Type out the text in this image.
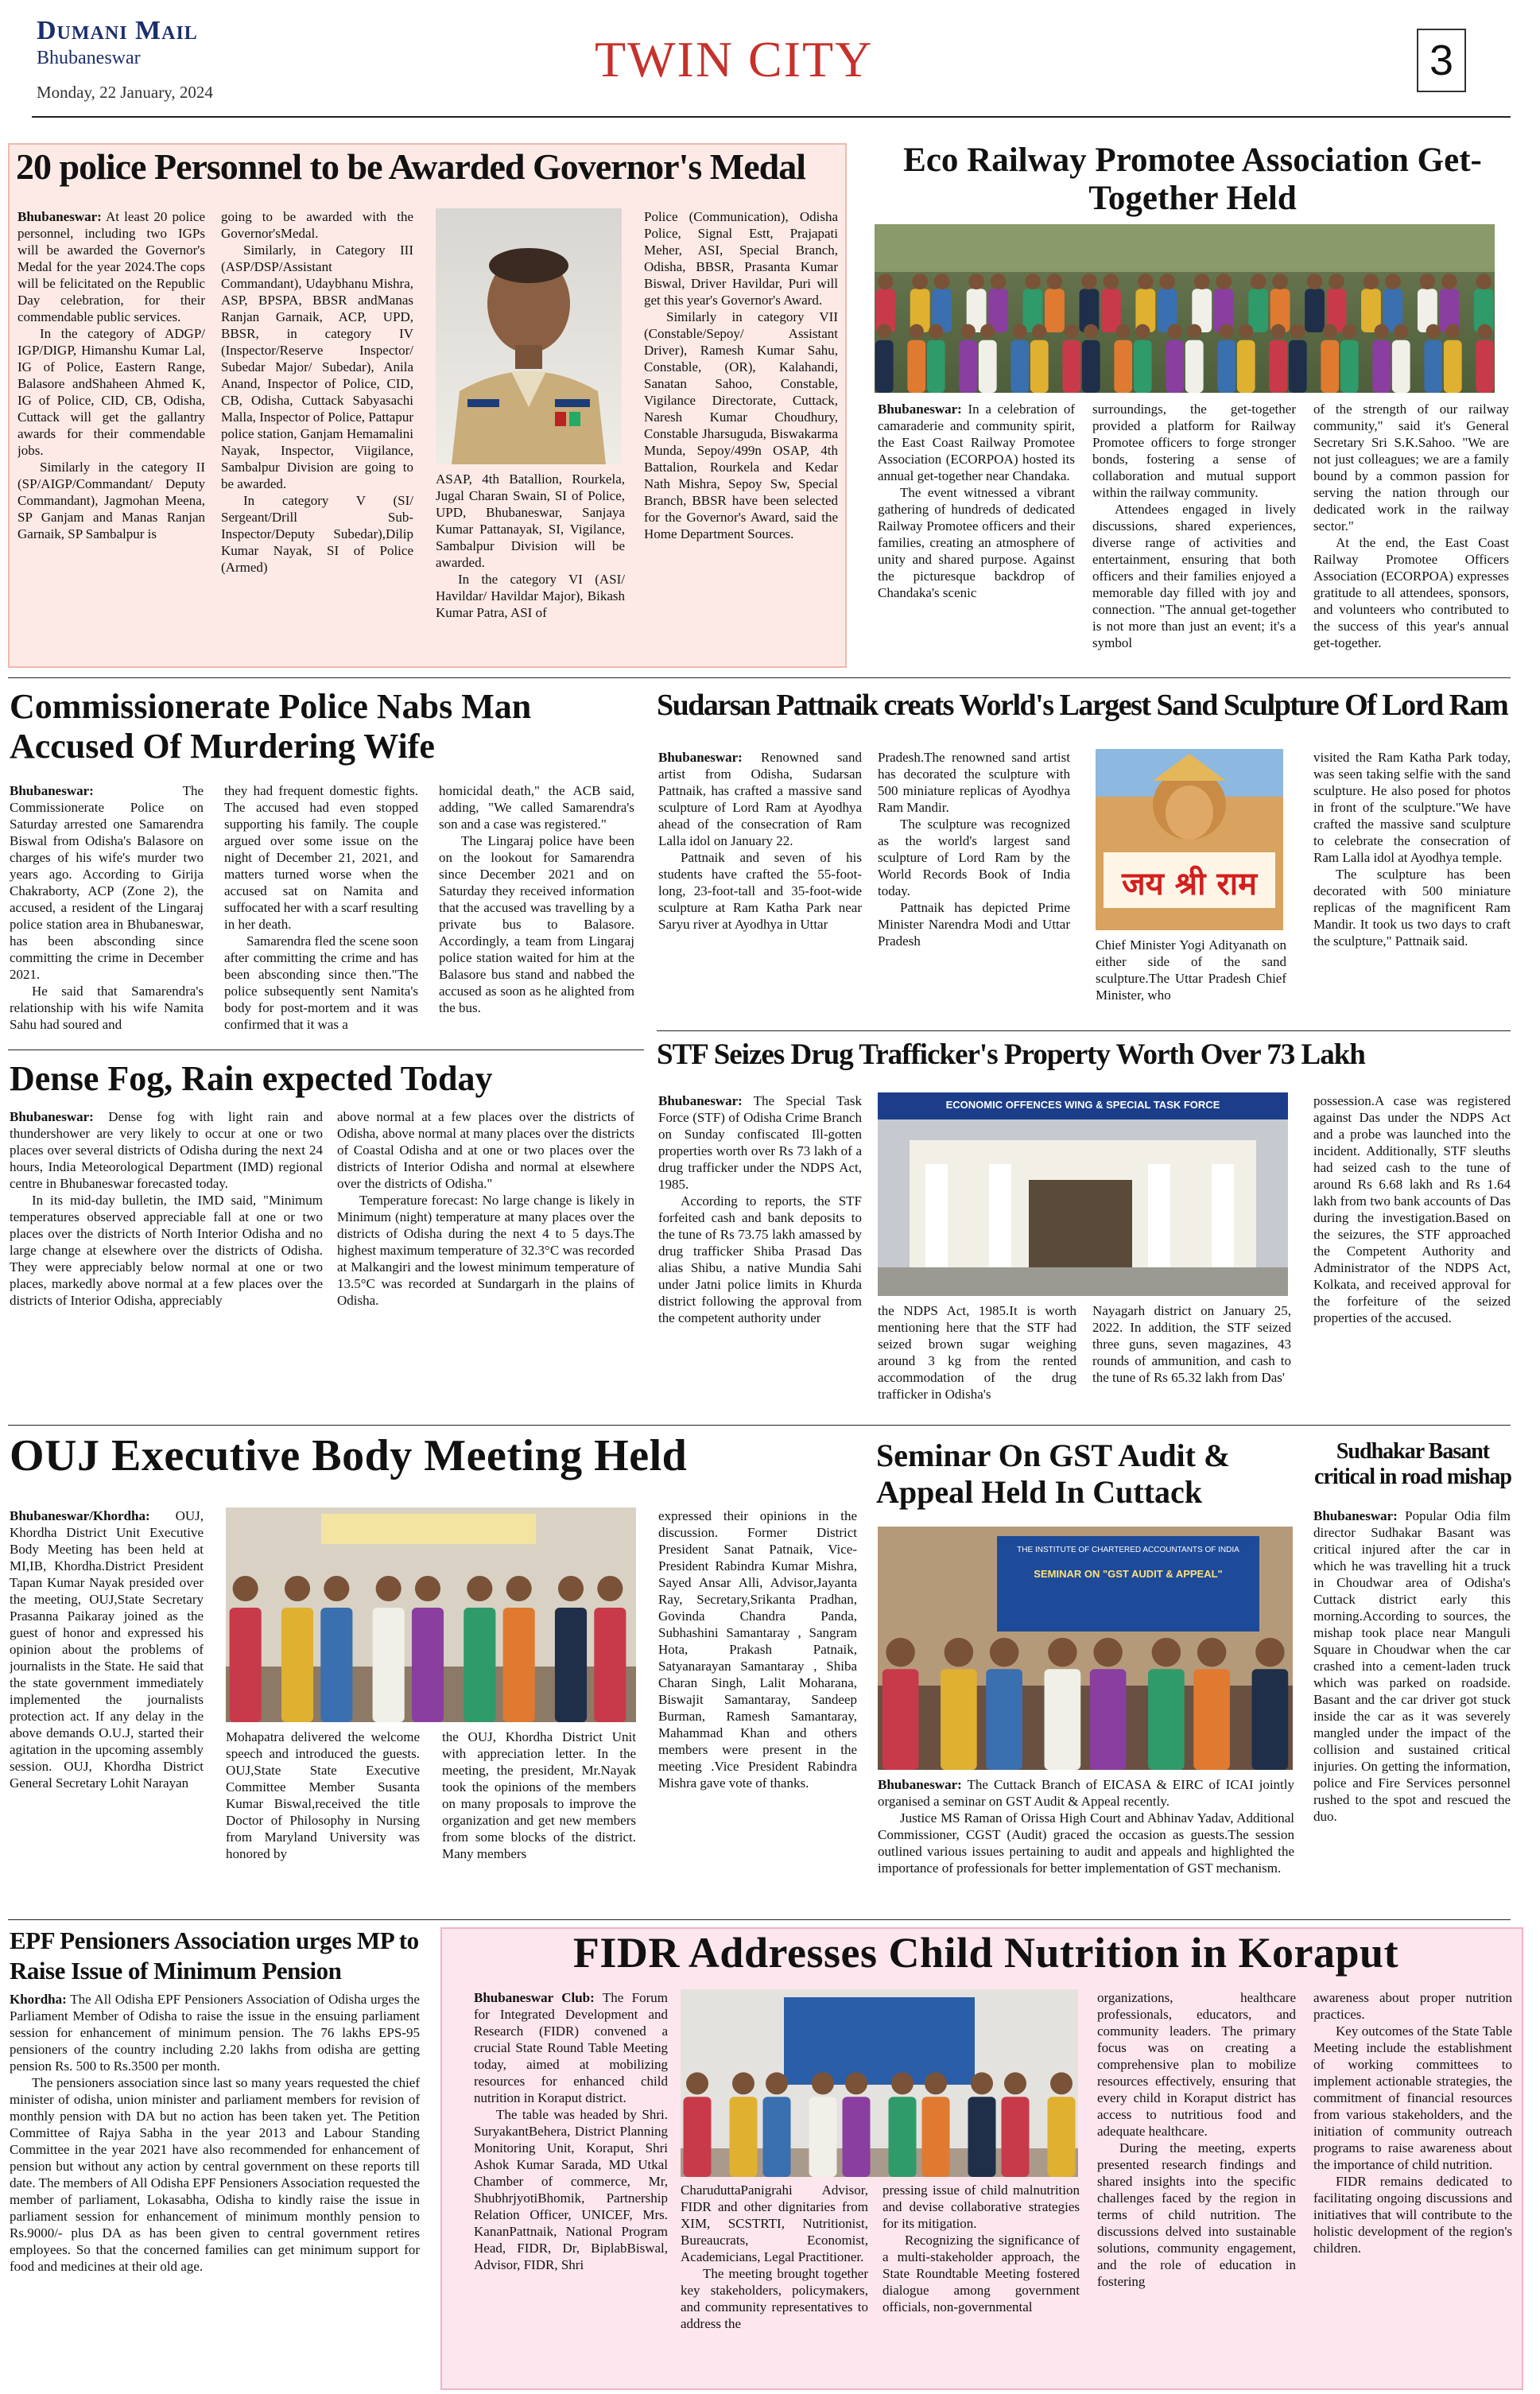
Dumani Mail
Bhubaneswar
Monday, 22 January, 2024
TWIN CITY	3
20 police Personnel to be Awarded Governor's Medal

Bhubaneswar: At least 20 police personnel, including two IGPs will be awarded the Governor's Medal for the year 2024.The cops will be felicitated on the Republic Day celebration, for their commendable public services.

In the category of ADGP/ IGP/DIGP, Himanshu Kumar Lal, IG of Police, Eastern Range, Balasore andShaheen Ahmed K, IG of Police, CID, CB, Odisha, Cuttack will get the gallantry awards for their commendable jobs.

Similarly in the category II (SP/AIGP/Commandant/ Deputy Commandant), Jagmohan Meena, SP Ganjam and Manas Ranjan Garnaik, SP Sambalpur is

going to be awarded with the Governor'sMedal.

Similarly, in Category III (ASP/DSP/Assistant Commandant), Udaybhanu Mishra, ASP, BPSPA, BBSR andManas Ranjan Garnaik, ACP, UPD, BBSR, in category IV (Inspector/Reserve Inspector/ Subedar Major/ Subedar), Anila Anand, Inspector of Police, CID, CB, Odisha, Cuttack Sabyasachi Malla, Inspector of Police, Pattapur police station, Ganjam Hemamalini Nayak, Inspector, Viigilance, Sambalpur Division are going to be awarded.

In category V (SI/ Sergeant/Drill Sub-Inspector/Deputy Subedar),Dilip Kumar Nayak, SI of Police (Armed)

ASAP, 4th Batallion, Rourkela, Jugal Charan Swain, SI of Police, UPD, Bhubaneswar, Sanjaya Kumar Pattanayak, SI, Vigilance, Sambalpur Division will be awarded.

In the category VI (ASI/ Havildar/ Havildar Major), Bikash Kumar Patra, ASI of

Police (Communication), Odisha Police, Signal Estt, Prajapati Meher, ASI, Special Branch, Odisha, BBSR, Prasanta Kumar Biswal, Driver Havildar, Puri will get this year's Governor's Award.

Similarly in category VII (Constable/Sepoy/ Assistant Driver), Ramesh Kumar Sahu, Constable, (OR), Kalahandi, Sanatan Sahoo, Constable, Vigilance Directorate, Cuttack, Naresh Kumar Choudhury, Constable Jharsuguda, Biswakarma Munda, Sepoy/499n OSAP, 4th Battalion, Rourkela and Kedar Nath Mishra, Sepoy Sw, Special Branch, BBSR have been selected for the Governor's Award, said the Home Department Sources.

Eco Railway Promotee Association Get-Together Held

Bhubaneswar: In a celebration of camaraderie and community spirit, the East Coast Railway Promotee Association (ECORPOA) hosted its annual get-together near Chandaka.

The event witnessed a vibrant gathering of hundreds of dedicated Railway Promotee officers and their families, creating an atmosphere of unity and shared purpose. Against the picturesque backdrop of Chandaka's scenic

surroundings, the get-together provided a platform for Railway Promotee officers to forge stronger bonds, fostering a sense of collaboration and mutual support within the railway community.

Attendees engaged in lively discussions, shared experiences, diverse range of activities and entertainment, ensuring that both officers and their families enjoyed a memorable day filled with joy and connection. "The annual get-together is not more than just an event; it's a symbol

of the strength of our railway community," said it's General Secretary Sri S.K.Sahoo. "We are not just colleagues; we are a family bound by a common passion for serving the nation through our dedicated work in the railway sector."

At the end, the East Coast Railway Promotee Officers Association (ECORPOA) expresses gratitude to all attendees, sponsors, and volunteers who contributed to the success of this year's annual get-together.

Commissionerate Police Nabs Man Accused Of Murdering Wife

Bhubaneswar:	The Commissionerate Police on Saturday arrested one Samarendra Biswal from Odisha's Balasore on charges of his wife's murder two years ago. According to Girija Chakraborty, ACP (Zone 2), the accused, a resident of the Lingaraj police station area in Bhubaneswar, has been absconding since committing the crime in December 2021.

He said that Samarendra's relationship with his wife Namita Sahu had soured and

they had frequent domestic fights. The accused had even stopped supporting his family. The couple argued over some issue on the night of December 21, 2021, and matters turned worse when the accused sat on Namita and suffocated her with a scarf resulting in her death.

Samarendra fled the scene soon after committing the crime and has been absconding since then."The police subsequently sent Namita's body for post-mortem and it was confirmed that it was a

homicidal death," the ACB said, adding, "We called Samarendra's son and a case was registered."

The Lingaraj police have been on the lookout for Samarendra since December 2021 and on Saturday they received information that the accused was travelling by a private bus to Balasore. Accordingly, a team from Lingaraj police station waited for him at the Balasore bus stand and nabbed the accused as soon as he alighted from the bus.

Sudarsan Pattnaik creats World's Largest Sand Sculpture Of Lord Ram

Bhubaneswar: Renowned sand artist from Odisha, Sudarsan Pattnaik, has crafted a massive sand sculpture of Lord Ram at Ayodhya ahead of the consecration of Ram Lalla idol on January 22.

Pattnaik and seven of his students have crafted the 55-foot-long, 23-foot-tall and 35-foot-wide sculpture at Ram Katha Park near Saryu river at Ayodhya in Uttar

Pradesh.The renowned sand artist has decorated the sculpture with 500 miniature replicas of Ayodhya Ram Mandir.

The sculpture was recognized as the world's largest sand sculpture of Lord Ram by the World Records Book of India today.

Pattnaik has depicted Prime Minister Narendra Modi and Uttar Pradesh

जय श्री राम

Chief Minister Yogi Adityanath on either side of the sand sculpture.The Uttar Pradesh Chief Minister, who

visited the Ram Katha Park today, was seen taking selfie with the sand sculpture. He also posed for photos in front of the sculpture."We have crafted the massive sand sculpture to celebrate the consecration of Ram Lalla idol at Ayodhya temple.

The sculpture has been decorated with 500 miniature replicas of the magnificent Ram Mandir. It took us two days to craft the sculpture," Pattnaik said.

STF Seizes Drug Trafficker's Property Worth Over 73 Lakh

Bhubaneswar: The Special Task Force (STF) of Odisha Crime Branch on Sunday confiscated Ill-gotten properties worth over Rs 73 lakh of a drug trafficker under the NDPS Act, 1985.

According to reports, the STF forfeited cash and bank deposits to the tune of Rs 73.75 lakh amassed by drug trafficker Shiba Prasad Das alias Shibu, a native Mundia Sahi under Jatni police limits in Khurda district following the approval from the competent authority under

ECONOMIC OFFENCES WING & SPECIAL TASK FORCE

the NDPS Act, 1985.It is worth mentioning here that the STF had seized brown sugar weighing around 3 kg from the rented accommodation of the drug trafficker in Odisha's

Nayagarh district on January 25, 2022. In addition, the STF seized three guns, seven magazines, 43 rounds of ammunition, and cash to the tune of Rs 65.32 lakh from Das'

possession.A case was registered against Das under the NDPS Act and a probe was launched into the incident. Additionally, STF sleuths had seized cash to the tune of around Rs 6.68 lakh and Rs 1.64 lakh from two bank accounts of Das during the investigation.Based on the seizures, the STF approached the Competent Authority and Administrator of the NDPS Act, Kolkata, and received approval for the forfeiture of the seized properties of the accused.

Dense Fog, Rain expected Today

Bhubaneswar: Dense fog with light rain and thundershower are very likely to occur at one or two places over several districts of Odisha during the next 24 hours, India Meteorological Department (IMD) regional centre in Bhubaneswar forecasted today.

In its mid-day bulletin, the IMD said, "Minimum temperatures observed appreciable fall at one or two places over the districts of North Interior Odisha and no large change at elsewhere over the districts of Odisha. They were appreciably below normal at one or two places, markedly above normal at a few places over the districts of Interior Odisha, appreciably

above normal at a few places over the districts of Odisha, above normal at many places over the districts of Coastal Odisha and at one or two places over the districts of Interior Odisha and normal at elsewhere over the districts of Odisha."

Temperature forecast: No large change is likely in Minimum (night) temperature at many places over the districts of Odisha during the next 4 to 5 days.The highest maximum temperature of 32.3°C was recorded at Malkangiri and the lowest minimum temperature of 13.5°C was recorded at Sundargarh in the plains of Odisha.

OUJ Executive Body Meeting Held

Bhubaneswar/Khordha: OUJ, Khordha District Unit Executive Body Meeting has been held at MI,IB, Khordha.District President Tapan Kumar Nayak presided over the meeting, OUJ,State Secretary Prasanna Paikaray joined as the guest of honor and expressed his opinion about the problems of journalists in the State. He said that the state government immediately implemented the journalists protection act. If any delay in the above demands O.U.J, started their agitation in the upcoming assembly session. OUJ, Khordha District General Secretary Lohit Narayan

Mohapatra delivered the welcome speech and introduced the guests. OUJ,State State Executive Committee Member Susanta Kumar Biswal,received the title Doctor of Philosophy in Nursing from Maryland University was honored by

the OUJ, Khordha District Unit with appreciation letter. In the meeting, the president, Mr.Nayak took the opinions of the members on many proposals to improve the organization and get new members from some blocks of the district. Many members

expressed their opinions in the discussion. Former District President Sanat Patnaik, Vice- President Rabindra Kumar Mishra, Sayed Ansar Alli, Advisor,Jayanta Ray, Secretary,Srikanta Pradhan, Govinda Chandra Panda, Subhashini Samantaray , Sangram Hota, Prakash Patnaik, Satyanarayan Samantaray , Shiba Charan Singh, Lalit Moharana, Biswajit Samantaray, Sandeep Burman, Ramesh Samantaray, Mahammad Khan and others members were present in the meeting .Vice President Rabindra Mishra gave vote of thanks.

Seminar On GST Audit & Appeal Held In Cuttack
THE INSTITUTE OF CHARTERED ACCOUNTANTS OF INDIA
SEMINAR ON "GST AUDIT & APPEAL"

Bhubaneswar: The Cuttack Branch of EICASA & EIRC of ICAI jointly organised a seminar on GST Audit & Appeal recently.

Justice MS Raman of Orissa High Court and Abhinav Yadav, Additional Commissioner, CGST (Audit) graced the occasion as guests.The session outlined various issues pertaining to audit and appeals and highlighted the importance of professionals for better implementation of GST mechanism.

Sudhakar Basant critical in road mishap

Bhubaneswar: Popular Odia film director Sudhakar Basant was critical injured after the car in which he was travelling hit a truck in Choudwar area of Odisha's Cuttack district early this morning.According to sources, the mishap took place near Manguli Square in Choudwar when the car crashed into a cement-laden truck which was parked on roadside. Basant and the car driver got stuck inside the car as it was severely mangled under the impact of the collision and sustained critical injuries. On getting the information, police and Fire Services personnel rushed to the spot and rescued the duo.

EPF Pensioners Association urges MP to Raise Issue of Minimum Pension

Khordha: The All Odisha EPF Pensioners Association of Odisha urges the Parliament Member of Odisha to raise the issue in the ensuing parliament session for enhancement of minimum pension. The 76 lakhs EPS-95 pensioners of the country including 2.20 lakhs from odisha are getting pension Rs. 500 to Rs.3500 per month.

The pensioners association since last so many years requested the chief minister of odisha, union minister and parliament members for revision of monthly pension with DA but no action has been taken yet. The Petition Committee of Rajya Sabha in the year 2013 and Labour Standing Committee in the year 2021 have also recommended for enhancement of pension but without any action by central government on these reports till date. The members of All Odisha EPF Pensioners Association requested the member of parliament, Lokasabha, Odisha to kindly raise the issue in parliament session for enhancement of minimum monthly pension to Rs.9000/- plus DA as has been given to central government retires employees. So that the concerned families can get minimum support for food and medicines at their old age.

FIDR Addresses Child Nutrition in Koraput

Bhubaneswar Club: The Forum for Integrated Development and Research (FIDR) convened a crucial State Round Table Meeting today, aimed at mobilizing resources for enhanced child nutrition in Koraput district.

The table was headed by Shri. SuryakantBehera, District Planning Monitoring Unit, Koraput, Shri Ashok Kumar Sarada, MD Utkal Chamber of commerce, Mr, ShubhrjyotiBhomik, Partnership Relation Officer, UNICEF, Mrs. KananPattnaik, National Program Head, FIDR, Dr, BiplabBiswal, Advisor, FIDR, Shri

CharuduttaPanigrahi Advisor, FIDR and other dignitaries from XIM, SCSTRTI, Nutritionist, Bureaucrats, Economist, Academicians, Legal Practitioner.

The meeting brought together key stakeholders, policymakers, and community representatives to address the

pressing issue of child malnutrition and devise collaborative strategies for its mitigation.

Recognizing the significance of a multi-stakeholder approach, the State Roundtable Meeting fostered dialogue among government officials, non-governmental

organizations, healthcare professionals, educators, and community leaders. The primary focus was on creating a comprehensive plan to mobilize resources effectively, ensuring that every child in Koraput district has access to nutritious food and adequate healthcare.

During the meeting, experts presented research findings and shared insights into the specific challenges faced by the region in terms of child nutrition. The discussions delved into sustainable solutions, community engagement, and the role of education in fostering

awareness about proper nutrition practices.

Key outcomes of the State Table Meeting include the establishment of working committees to implement actionable strategies, the commitment of financial resources from various stakeholders, and the initiation of community outreach programs to raise awareness about the importance of child nutrition.

FIDR remains dedicated to facilitating ongoing discussions and initiatives that will contribute to the holistic development of the region's children.
